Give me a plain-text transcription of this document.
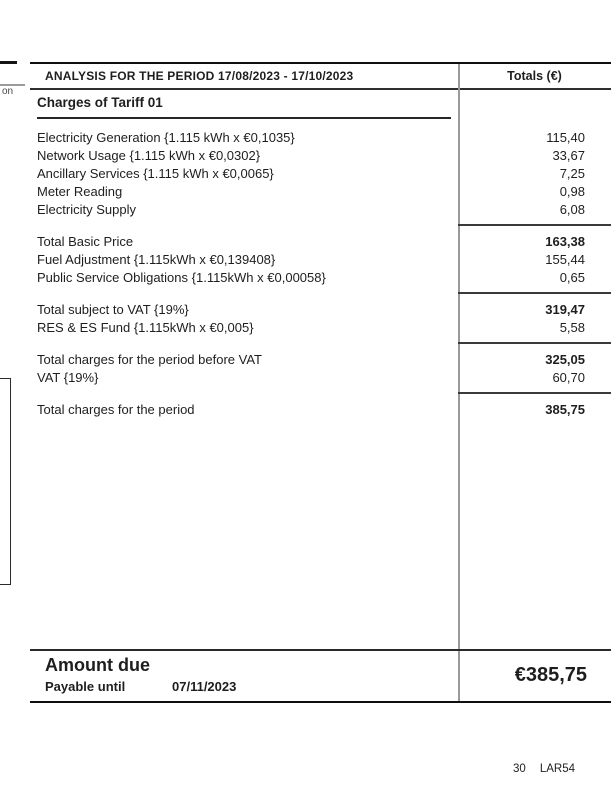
on
ANALYSIS FOR THE PERIOD 17/08/2023 - 17/10/2023	Totals (€)
Charges of Tariff 01
Electricity Generation {1.115 kWh x €0,1035}	115,40
Network Usage {1.115 kWh x €0,0302}	33,67
Ancillary Services {1.115 kWh x €0,0065}	7,25
Meter Reading	0,98
Electricity Supply	6,08
Total Basic Price	163,38
Fuel Adjustment {1.115kWh x €0,139408}	155,44
Public Service Obligations {1.115kWh x €0,00058}	0,65
Total subject to VAT {19%}	319,47
RES & ES Fund {1.115kWh x €0,005}	5,58
Total charges for the period before VAT	325,05
VAT {19%}	60,70
Total charges for the period	385,75
Amount due
Payable until	07/11/2023
€385,75
30 LAR54
